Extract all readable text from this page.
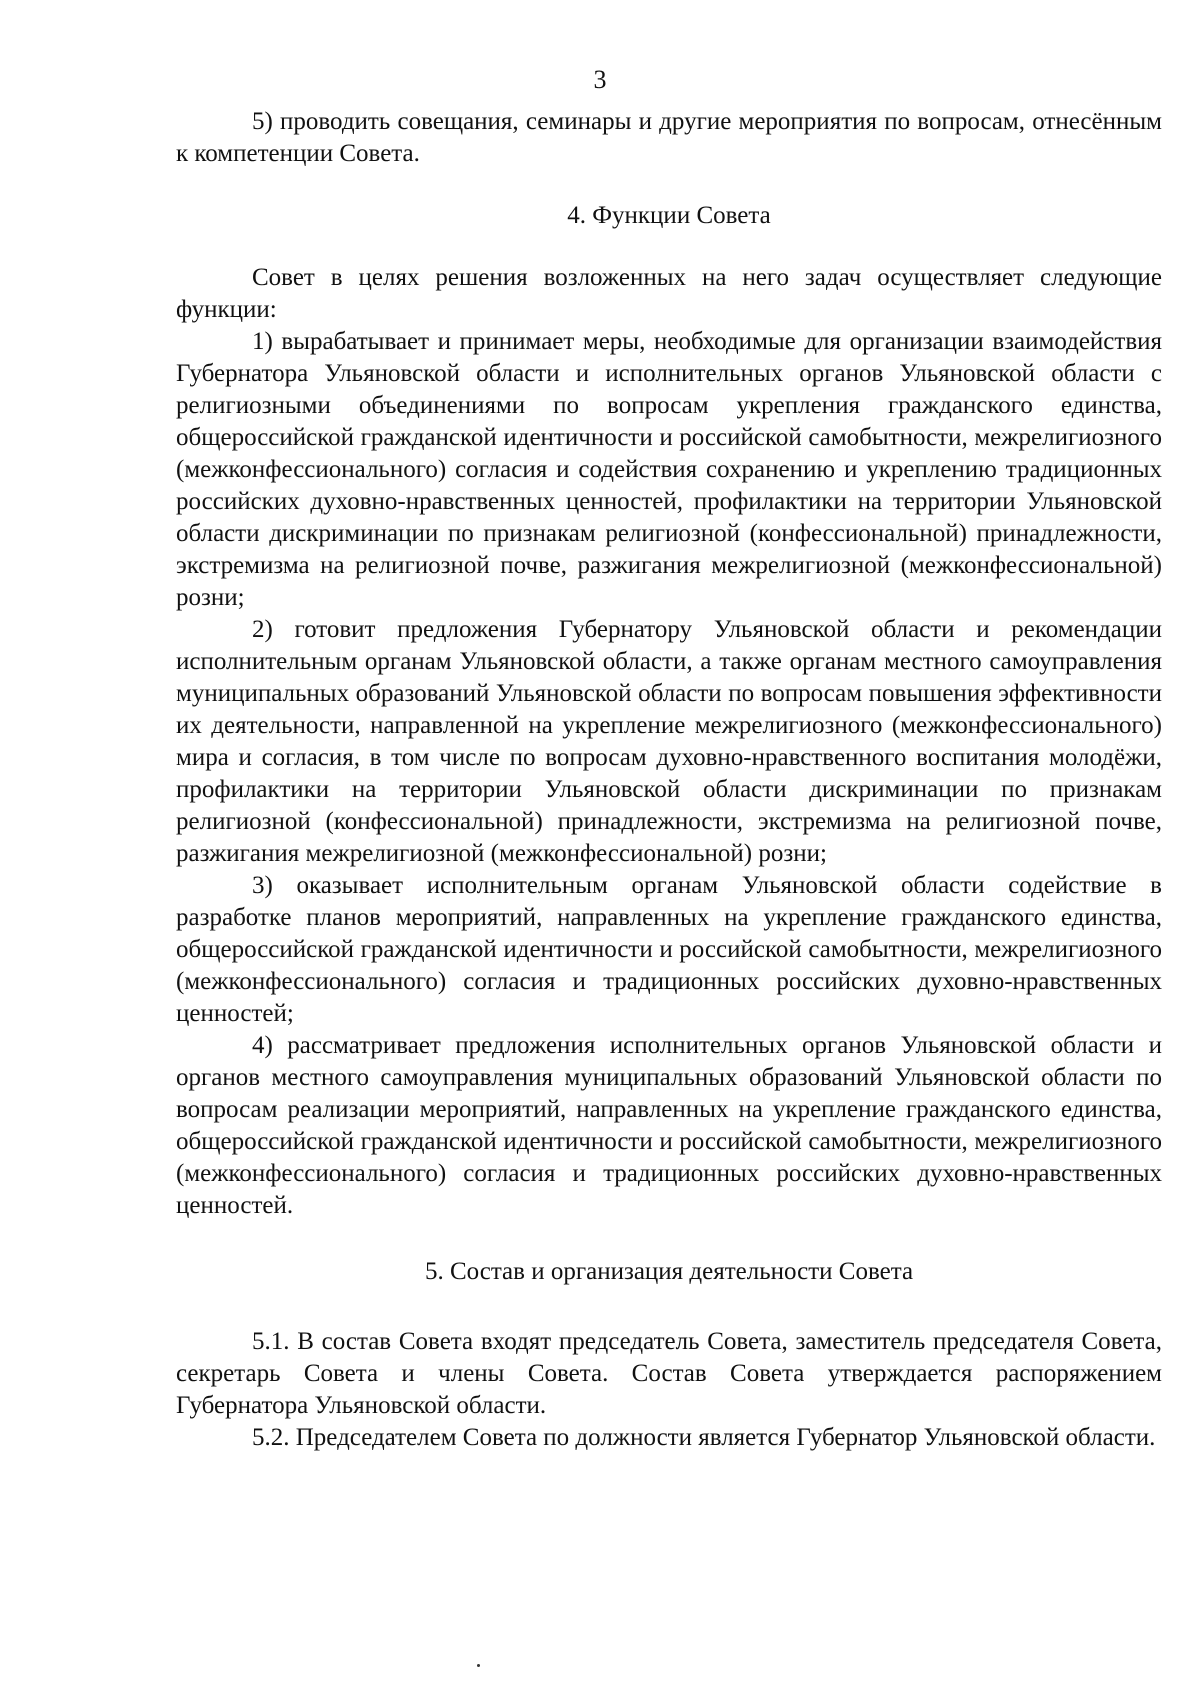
3

5) проводить совещания, семинары и другие мероприятия по вопросам, отнесённым к компетенции Совета.

4. Функции Совета

Совет в целях решения возложенных на него задач осуществляет следующие функции:

1) вырабатывает и принимает меры, необходимые для организации взаимодействия Губернатора Ульяновской области и исполнительных органов Ульяновской области с религиозными объединениями по вопросам укрепления гражданского единства, общероссийской гражданской идентичности и российской самобытности, межрелигиозного (межконфессионального) согласия и содействия сохранению и укреплению традиционных российских духовно-нравственных ценностей, профилактики на территории Ульяновской области дискриминации по признакам религиозной (конфессиональной) принадлежности, экстремизма на религиозной почве, разжигания межрелигиозной (межконфессиональной) розни;

2) готовит предложения Губернатору Ульяновской области и рекомендации исполнительным органам Ульяновской области, а также органам местного самоуправления муниципальных образований Ульяновской области по вопросам повышения эффективности их деятельности, направленной на укрепление межрелигиозного (межконфессионального) мира и согласия, в том числе по вопросам духовно-нравственного воспитания молодёжи, профилактики на территории Ульяновской области дискриминации по признакам религиозной (конфессиональной) принадлежности, экстремизма на религиозной почве, разжигания межрелигиозной (межконфессиональной) розни;

3) оказывает исполнительным органам Ульяновской области содействие в разработке планов мероприятий, направленных на укрепление гражданского единства, общероссийской гражданской идентичности и российской самобытности, межрелигиозного (межконфессионального) согласия и традиционных российских духовно-нравственных ценностей;

4) рассматривает предложения исполнительных органов Ульяновской области и органов местного самоуправления муниципальных образований Ульяновской области по вопросам реализации мероприятий, направленных на укрепление гражданского единства, общероссийской гражданской идентичности и российской самобытности, межрелигиозного (межконфессионального) согласия и традиционных российских духовно-нравственных ценностей.

5. Состав и организация деятельности Совета

5.1. В состав Совета входят председатель Совета, заместитель председателя Совета, секретарь Совета и члены Совета. Состав Совета утверждается распоряжением Губернатора Ульяновской области.

5.2. Председателем Совета по должности является Губернатор Ульяновской области.
